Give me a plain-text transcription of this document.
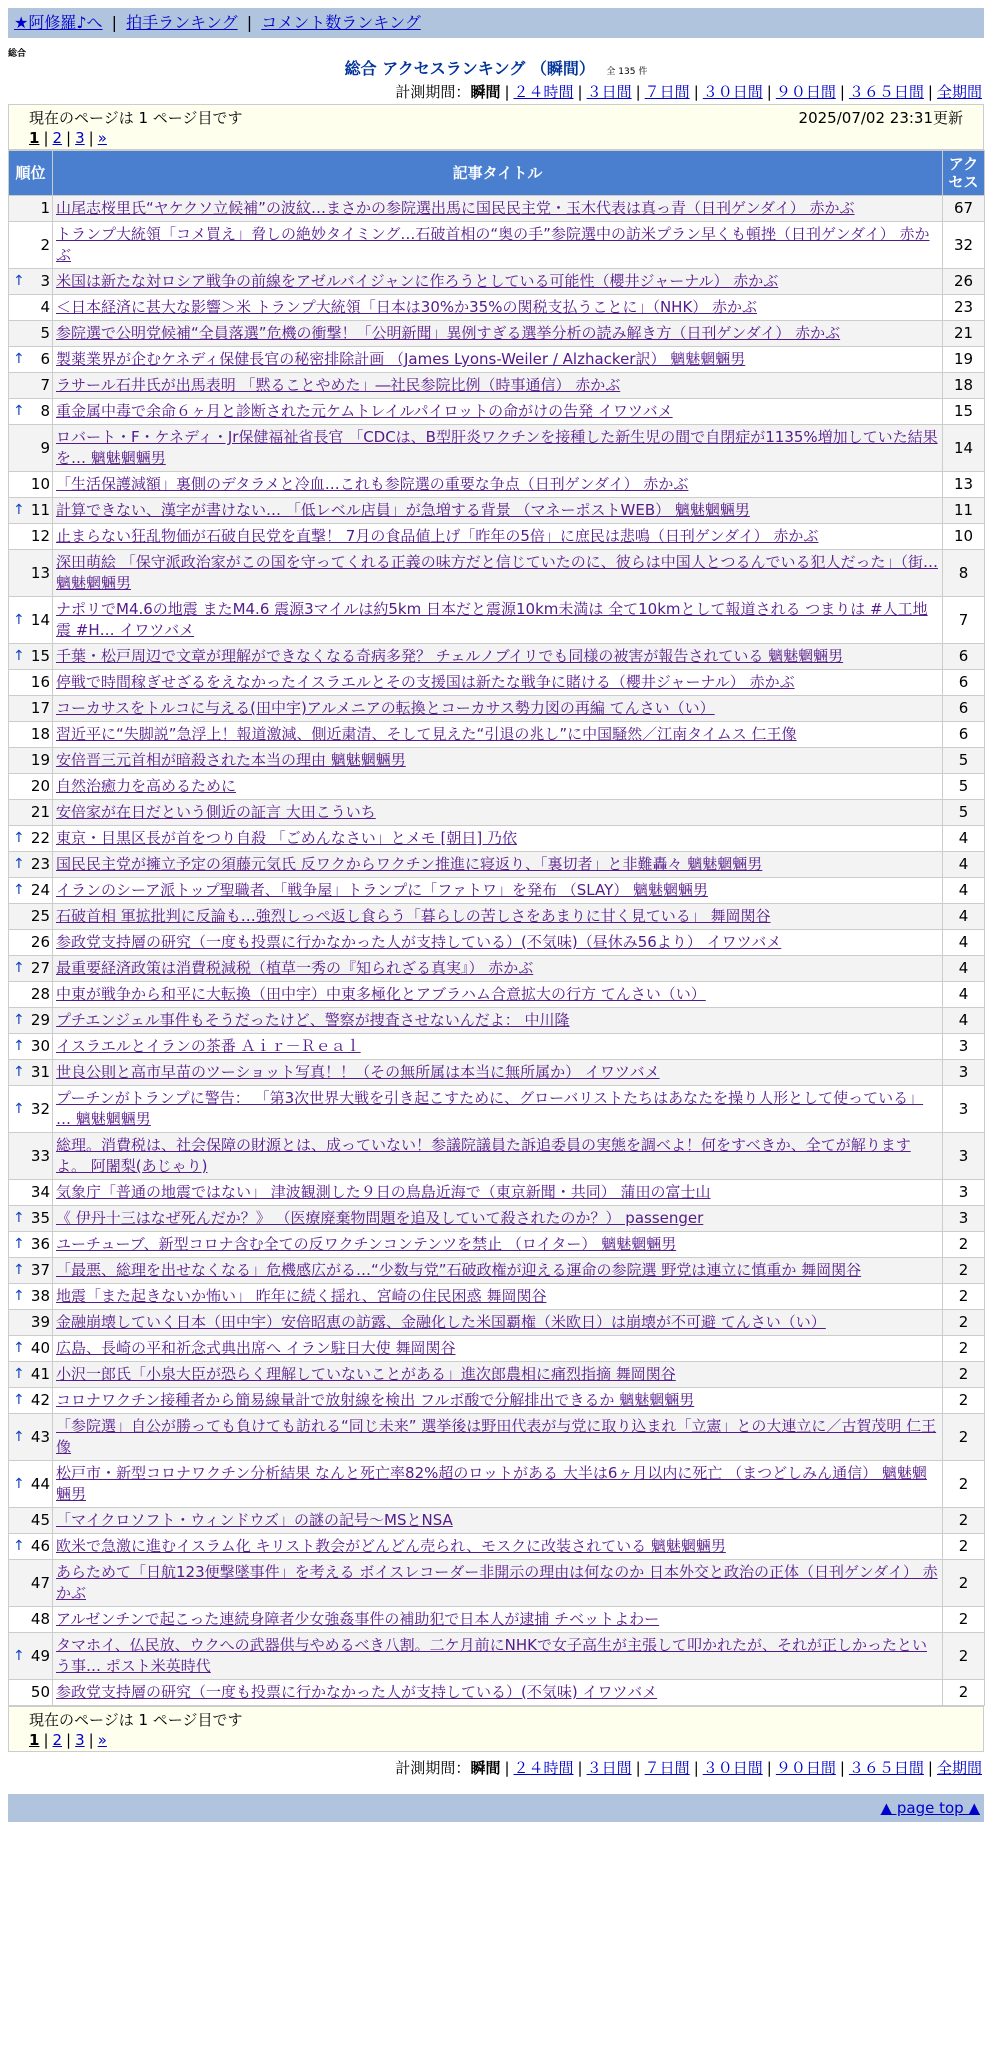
★阿修羅♪へ | 拍手ランキング | コメント数ランキング
総合
総合 アクセスランキング （瞬間） 全 135 件
計測期間：瞬間 | ２４時間 | ３日間 | ７日間 | ３０日間 | ９０日間 | ３６５日間 | 全期間
現在のページは 1 ページ目です	2025/07/02 23:31更新
1 | 2 | 3 | »
順位	記事タイトル	アクセス
1	山尾志桜里氏“ヤケクソ立候補”の波紋…まさかの参院選出馬に国民民主党・玉木代表は真っ青（日刊ゲンダイ） 赤かぶ	67
2	トランプ大統領「コメ買え」脅しの絶妙タイミング…石破首相の“奥の手”参院選中の訪米プラン早くも頓挫（日刊ゲンダイ） 赤かぶ	32

↑ 3	米国は新たな対ロシア戦争の前線をアゼルバイジャンに作ろうとしている可能性（櫻井ジャーナル） 赤かぶ	26
4	＜日本経済に甚大な影響＞米 トランプ大統領「日本は30%か35%の関税支払うことに」（NHK） 赤かぶ	23
5	参院選で公明党候補“全員落選”危機の衝撃！「公明新聞」異例すぎる選挙分析の読み解き方（日刊ゲンダイ） 赤かぶ	21

↑ 6	製薬業界が企むケネディ保健長官の秘密排除計画 （James Lyons-Weiler / Alzhacker訳） 魑魅魍魎男	19
7	ラサール石井氏が出馬表明 「黙ることやめた」―社民参院比例（時事通信） 赤かぶ	18

↑ 8	重金属中毒で余命６ヶ月と診断された元ケムトレイルパイロットの命がけの告発 イワツバメ	15
9	ロバート・F・ケネディ・Jr保健福祉省長官 「CDCは、B型肝炎ワクチンを接種した新生児の間で自閉症が1135%増加していた結果を… 魑魅魍魎男	14
10	「生活保護減額」裏側のデタラメと冷血…これも参院選の重要な争点（日刊ゲンダイ） 赤かぶ	13

↑ 11	計算できない、漢字が書けない… 「低レベル店員」が急増する背景 （マネーポストWEB） 魑魅魍魎男	11
12	止まらない狂乱物価が石破自民党を直撃！ 7月の食品値上げ「昨年の5倍」に庶民は悲鳴（日刊ゲンダイ） 赤かぶ	10
13	深田萌絵 「保守派政治家がこの国を守ってくれる正義の味方だと信じていたのに、彼らは中国人とつるんでいる犯人だった」（街… 魑魅魍魎男	8

↑ 14	ナポリでM4.6の地震 またM4.6 震源3マイルは約5km 日本だと震源10km未満は 全て10kmとして報道される つまりは #人工地震 #H… イワツバメ	7

↑ 15	千葉・松戸周辺で文章が理解ができなくなる奇病多発？ チェルノブイリでも同様の被害が報告されている 魑魅魍魎男	6
16	停戦で時間稼ぎせざるをえなかったイスラエルとその支援国は新たな戦争に賭ける（櫻井ジャーナル） 赤かぶ	6
17	コーカサスをトルコに与える(田中宇)アルメニアの転換とコーカサス勢力図の再編 てんさい（い）	6
18	習近平に“失脚説”急浮上！報道激減、側近粛清、そして見えた“引退の兆し”に中国騒然／江南タイムス 仁王像	6
19	安倍晋三元首相が暗殺された本当の理由 魑魅魍魎男	5
20	自然治癒力を高めるために	5
21	安倍家が在日だという側近の証言 大田こういち	5

↑ 22	東京・目黒区長が首をつり自殺 「ごめんなさい」とメモ [朝日] 乃依	4

↑ 23	国民民主党が擁立予定の須藤元気氏 反ワクからワクチン推進に寝返り、「裏切者」と非難轟々 魑魅魍魎男	4

↑ 24	イランのシーア派トップ聖職者、「戦争屋」トランプに「ファトワ」を発布 （SLAY） 魑魅魍魎男	4
25	石破首相 軍拡批判に反論も…強烈しっぺ返し食らう「暮らしの苦しさをあまりに甘く見ている」 舞岡関谷	4
26	参政党支持層の研究（一度も投票に行かなかった人が支持している）(不気味)（昼休み56より） イワツバメ	4

↑ 27	最重要経済政策は消費税減税（植草一秀の『知られざる真実』） 赤かぶ	4
28	中東が戦争から和平に大転換（田中宇）中東多極化とアブラハム合意拡大の行方 てんさい（い）	4

↑ 29	プチエンジェル事件もそうだったけど、警察が捜査させないんだよ： 中川隆	4

↑ 30	イスラエルとイランの茶番 Ａｉｒ－Ｒｅａｌ	3

↑ 31	世良公則と高市早苗のツーショット写真！！（その無所属は本当に無所属か） イワツバメ	3

↑ 32	プーチンがトランプに警告： 「第3次世界大戦を引き起こすために、グローバリストたちはあなたを操り人形として使っている」 … 魑魅魍魎男	3
33	総理。消費税は、社会保障の財源とは、成っていない！参議院議員た訴追委員の実態を調べよ！何をすべきか、全てが解りますよ。 阿闍梨(あじゃり)	3
34	気象庁「普通の地震ではない」 津波観測した９日の鳥島近海で（東京新聞・共同） 蒲田の富士山	3

↑ 35	《 伊丹十三はなぜ死んだか？》 （医療廃棄物問題を追及していて殺されたのか？） passenger	3

↑ 36	ユーチューブ、新型コロナ含む全ての反ワクチンコンテンツを禁止 （ロイター） 魑魅魍魎男	2

↑ 37	「最悪、総理を出せなくなる」危機感広がる…“少数与党”石破政権が迎える運命の参院選 野党は連立に慎重か 舞岡関谷	2

↑ 38	地震「また起きないか怖い」 昨年に続く揺れ、宮崎の住民困惑 舞岡関谷	2
39	金融崩壊していく日本（田中宇）安倍昭恵の訪露、金融化した米国覇権（米欧日）は崩壊が不可避 てんさい（い）	2

↑ 40	広島、長崎の平和祈念式典出席へ イラン駐日大使 舞岡関谷	2

↑ 41	小沢一郎氏「小泉大臣が恐らく理解していないことがある」進次郎農相に痛烈指摘 舞岡関谷	2

↑ 42	コロナワクチン接種者から簡易線量計で放射線を検出 フルボ酸で分解排出できるか 魑魅魍魎男	2

↑ 43	「参院選」自公が勝っても負けても訪れる“同じ未来” 選挙後は野田代表が与党に取り込まれ「立憲」との大連立に／古賀茂明 仁王像	2

↑ 44	松戸市・新型コロナワクチン分析結果 なんと死亡率82%超のロットがある 大半は6ヶ月以内に死亡 （まつどしみん通信） 魑魅魍魎男	2
45	「マイクロソフト・ウィンドウズ」の謎の記号～MSとNSA	2

↑ 46	欧米で急激に進むイスラム化 キリスト教会がどんどん売られ、モスクに改装されている 魑魅魍魎男	2
47	あらためて「日航123便撃墜事件」を考える ボイスレコーダー非開示の理由は何なのか 日本外交と政治の正体（日刊ゲンダイ） 赤かぶ	2
48	アルゼンチンで起こった連続身障者少女強姦事件の補助犯で日本人が逮捕 チベットよわー	2

↑ 49	タマホイ、仏民放、ウクへの武器供与やめるべき八割。二ケ月前にNHKで女子高生が主張して叩かれたが、それが正しかったという事… ポスト米英時代	2
50	参政党支持層の研究（一度も投票に行かなかった人が支持している）(不気味) イワツバメ	2
現在のページは 1 ページ目です
1 | 2 | 3 | »
計測期間：瞬間 | ２４時間 | ３日間 | ７日間 | ３０日間 | ９０日間 | ３６５日間 | 全期間
▲ page top ▲
